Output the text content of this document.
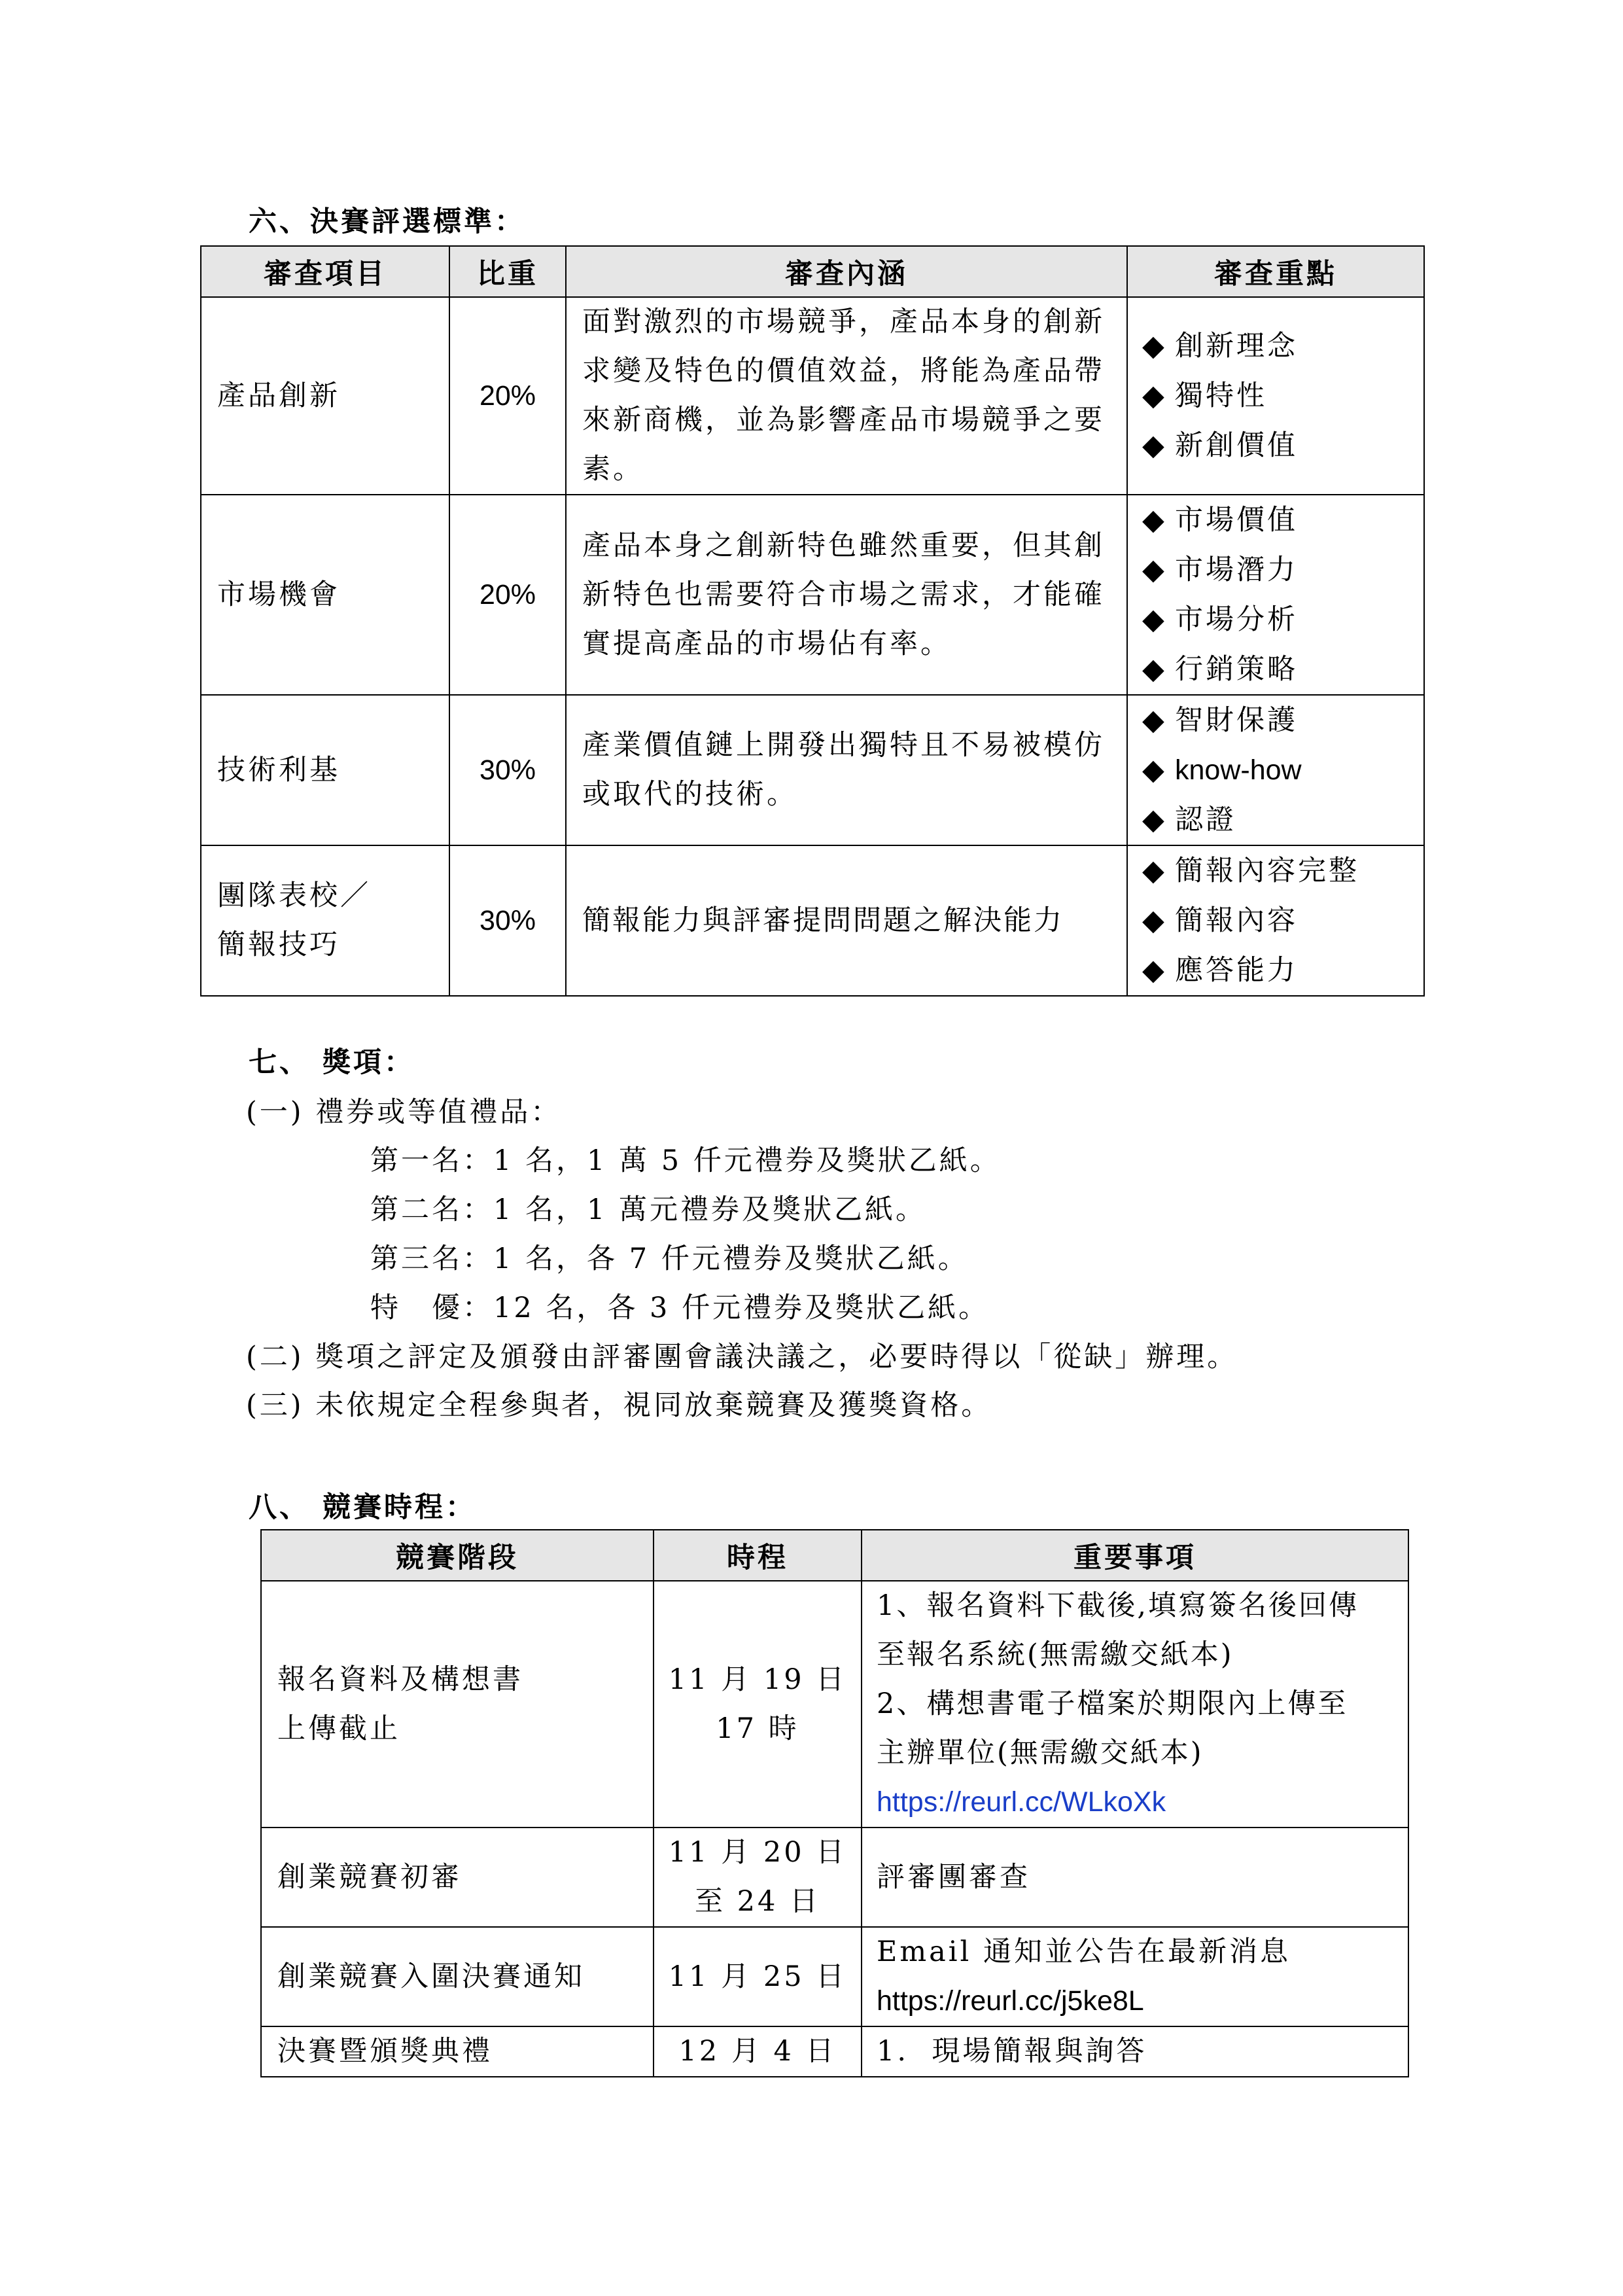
六、決賽評選標準：
審查項目	比重	審查內涵	審查重點
產品創新	20%	面對激烈的市場競爭，產品本身的創新求變及特色的價值效益，將能為產品帶來新商機，並為影響產品市場競爭之要素。	◆ 創新理念
◆ 獨特性
◆ 新創價值

市場機會	20%	產品本身之創新特色雖然重要，但其創新特色也需要符合市場之需求，才能確實提高產品的市場佔有率。	◆ 市場價值
◆ 市場潛力
◆ 市場分析
◆ 行銷策略

技術利基	30%	產業價值鏈上開發出獨特且不易被模仿或取代的技術。	◆ 智財保護
◆ know-how
◆ 認證

團隊表校／
簡報技巧	30%	簡報能力與評審提問問題之解決能力	◆ 簡報內容完整
◆ 簡報內容
◆ 應答能力
七、 獎項：
(一) 禮券或等值禮品：
第一名：1 名，1 萬 5 仟元禮券及獎狀乙紙。
第二名：1 名，1 萬元禮券及獎狀乙紙。
第三名：1 名，各 7 仟元禮券及獎狀乙紙。
特　優：12 名，各 3 仟元禮券及獎狀乙紙。
(二) 獎項之評定及頒發由評審團會議決議之，必要時得以「從缺」辦理。
(三) 未依規定全程參與者，視同放棄競賽及獲獎資格。
八、 競賽時程：
競賽階段	時程	重要事項

報名資料及構想書
上傳截止	11 月 19 日
17 時	1、報名資料下截後,填寫簽名後回傳
至報名系統(無需繳交紙本)
2、構想書電子檔案於期限內上傳至
主辦單位(無需繳交紙本)
https://reurl.cc/WLkoXk

創業競賽初審	11 月 20 日
至 24 日	評審團審查
創業競賽入圍決賽通知	11 月 25 日	Email 通知並公告在最新消息
https://reurl.cc/j5ke8L

決賽暨頒獎典禮	12 月 4 日	1.  現場簡報與詢答
